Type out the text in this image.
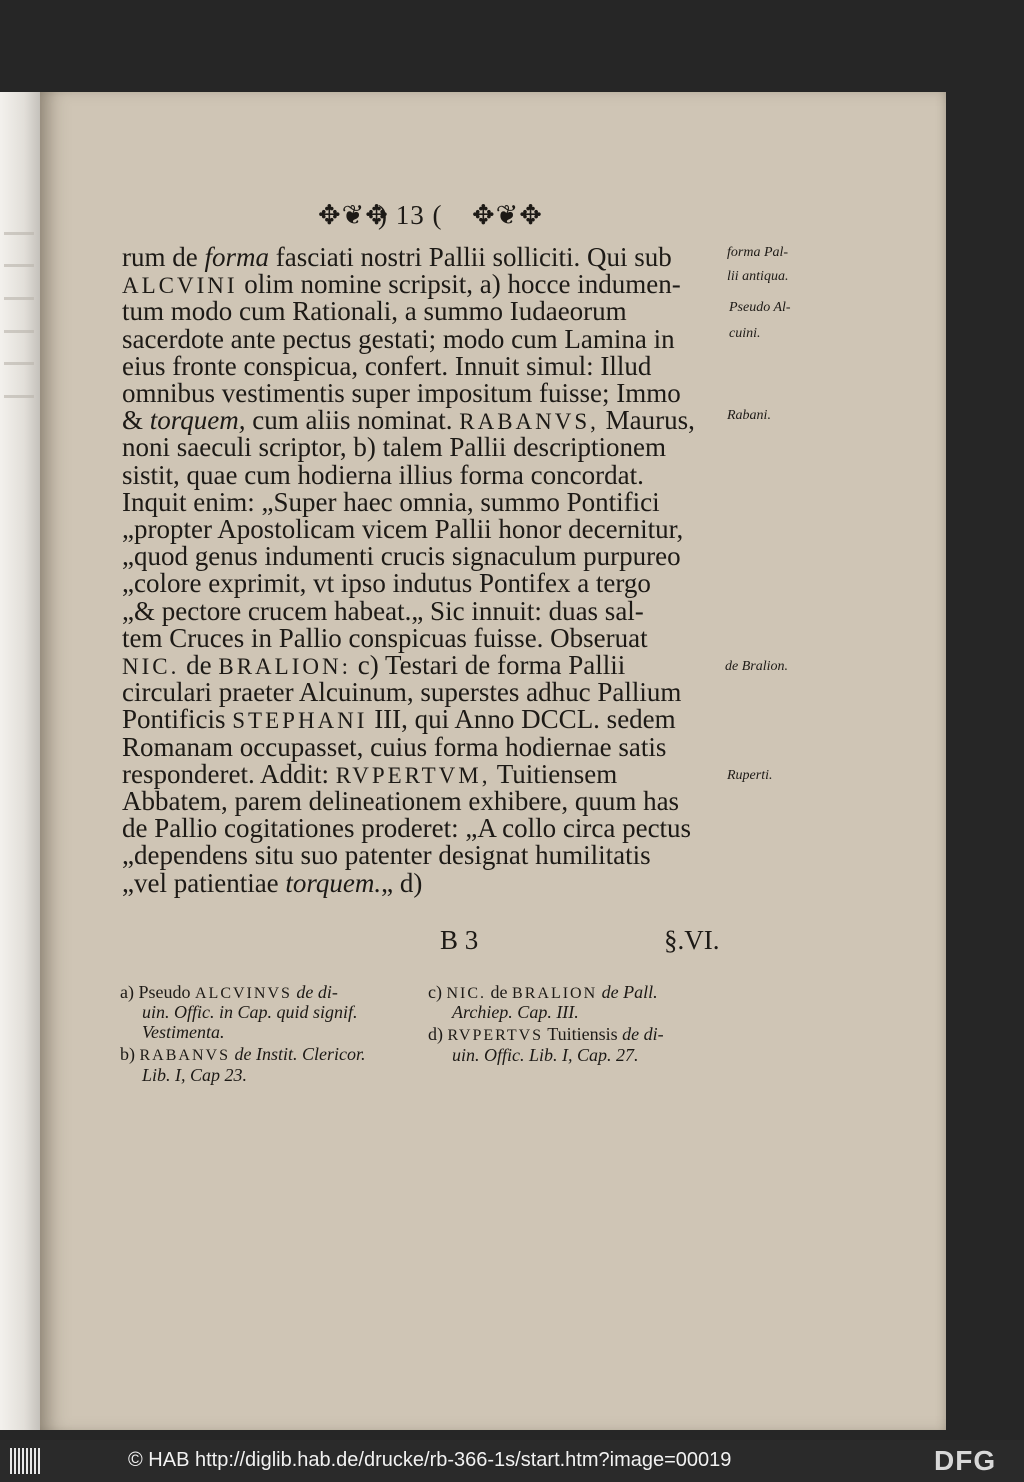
✥❦✥
) 13 ( ✥❦✥
rum de forma fasciati nostri Pallii solliciti. Qui sub
ALCVINI olim nomine scripsit, a) hocce indumen-
tum modo cum Rationali, a summo Iudaeorum
sacerdote ante pectus gestati; modo cum Lamina in
eius fronte conspicua, confert. Innuit simul: Illud
omnibus vestimentis super impositum fuisse; Immo
& torquem, cum aliis nominat. RABANVS, Maurus,
noni saeculi scriptor, b) talem Pallii descriptionem
sistit, quae cum hodierna illius forma concordat.
Inquit enim: „Super haec omnia, summo Pontifici
„propter Apostolicam vicem Pallii honor decernitur,
„quod genus indumenti crucis signaculum purpureo
„colore exprimit, vt ipso indutus Pontifex a tergo
„& pectore crucem habeat.„ Sic innuit: duas sal-
tem Cruces in Pallio conspicuas fuisse. Obseruat
NIC. de BRALION: c) Testari de forma Pallii
circulari praeter Alcuinum, superstes adhuc Pallium
Pontificis STEPHANI III, qui Anno DCCL. sedem
Romanam occupasset, cuius forma hodiernae satis
responderet. Addit: RVPERTVM, Tuitiensem
Abbatem, parem delineationem exhibere, quum has
de Pallio cogitationes proderet: „A collo circa pectus
„dependens situ suo patenter designat humilitatis
„vel patientiae torquem.„ d)
forma Pal-
lii antiqua.
Pseudo Al-
cuini.
Rabani.
de Bralion.
Ruperti.
B 3	§.VI.
a) Pseudo ALCVINVS de di-
uin. Offic. in Cap. quid signif.
Vestimenta.
b) RABANVS de Instit. Clericor.
Lib. I, Cap 23.
c) NIC. de BRALION de Pall.
Archiep. Cap. III.
d) RVPERTVS Tuitiensis de di-
uin. Offic. Lib. I, Cap. 27.
© HAB http://diglib.hab.de/drucke/rb-366-1s/start.htm?image=00019	DFG
